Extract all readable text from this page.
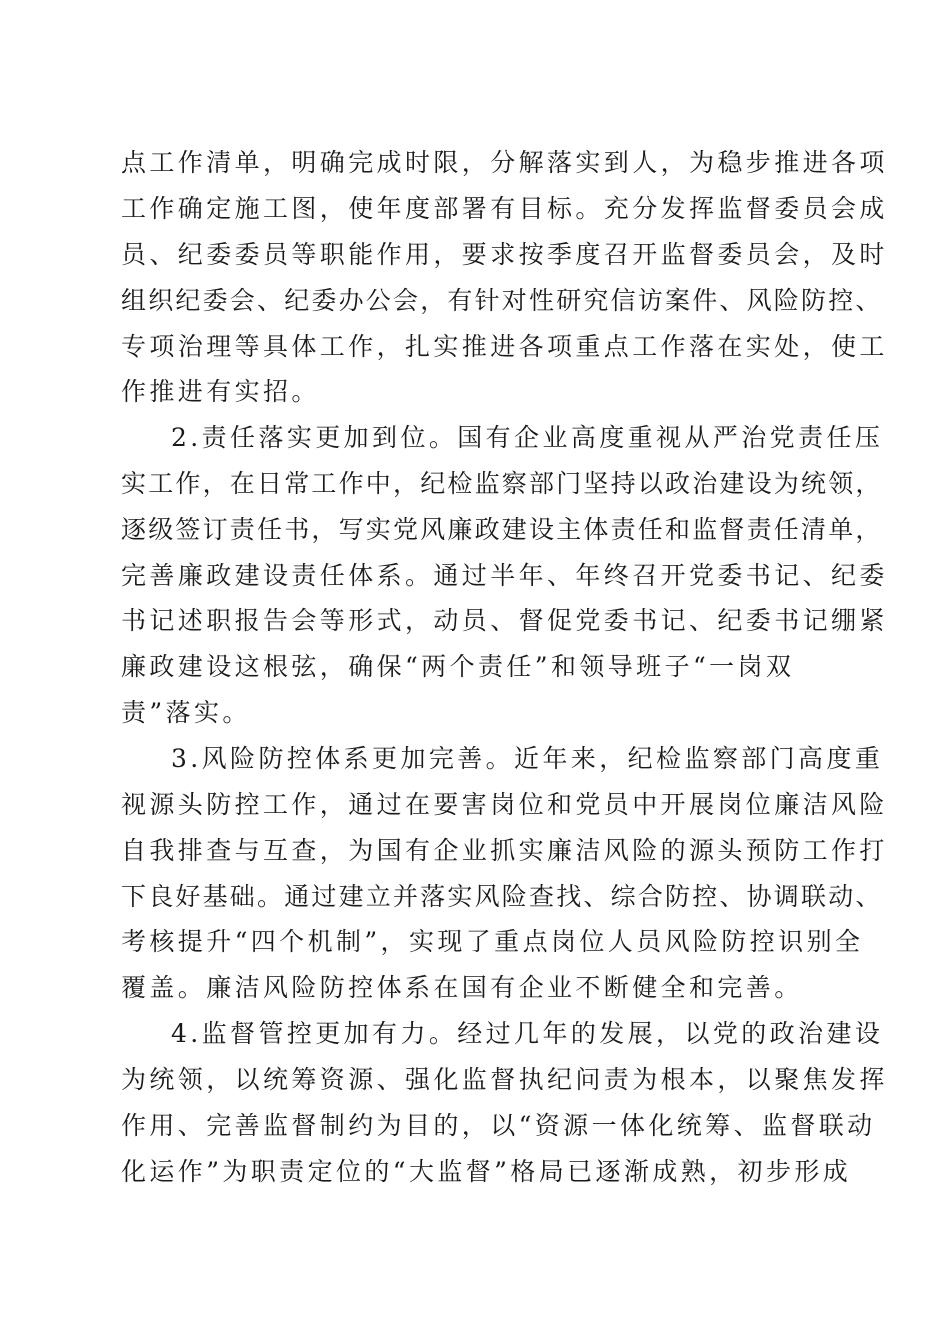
点工作清单，明确完成时限，分解落实到人，为稳步推进各项
工作确定施工图，使年度部署有目标。充分发挥监督委员会成
员、纪委委员等职能作用，要求按季度召开监督委员会，及时
组织纪委会、纪委办公会，有针对性研究信访案件、风险防控、
专项治理等具体工作，扎实推进各项重点工作落在实处，使工
作推进有实招。
2.责任落实更加到位。国有企业高度重视从严治党责任压
实工作，在日常工作中，纪检监察部门坚持以政治建设为统领，
逐级签订责任书，写实党风廉政建设主体责任和监督责任清单，
完善廉政建设责任体系。通过半年、年终召开党委书记、纪委
书记述职报告会等形式，动员、督促党委书记、纪委书记绷紧
廉政建设这根弦，确保“两个责任”和领导班子“一岗双
责”落实。
3.风险防控体系更加完善。近年来，纪检监察部门高度重
视源头防控工作，通过在要害岗位和党员中开展岗位廉洁风险
自我排查与互查，为国有企业抓实廉洁风险的源头预防工作打
下良好基础。通过建立并落实风险查找、综合防控、协调联动、
考核提升“四个机制”，实现了重点岗位人员风险防控识别全
覆盖。廉洁风险防控体系在国有企业不断健全和完善。
4.监督管控更加有力。经过几年的发展，以党的政治建设
为统领，以统筹资源、强化监督执纪问责为根本，以聚焦发挥
作用、完善监督制约为目的，以“资源一体化统筹、监督联动
化运作”为职责定位的“大监督”格局已逐渐成熟，初步形成
